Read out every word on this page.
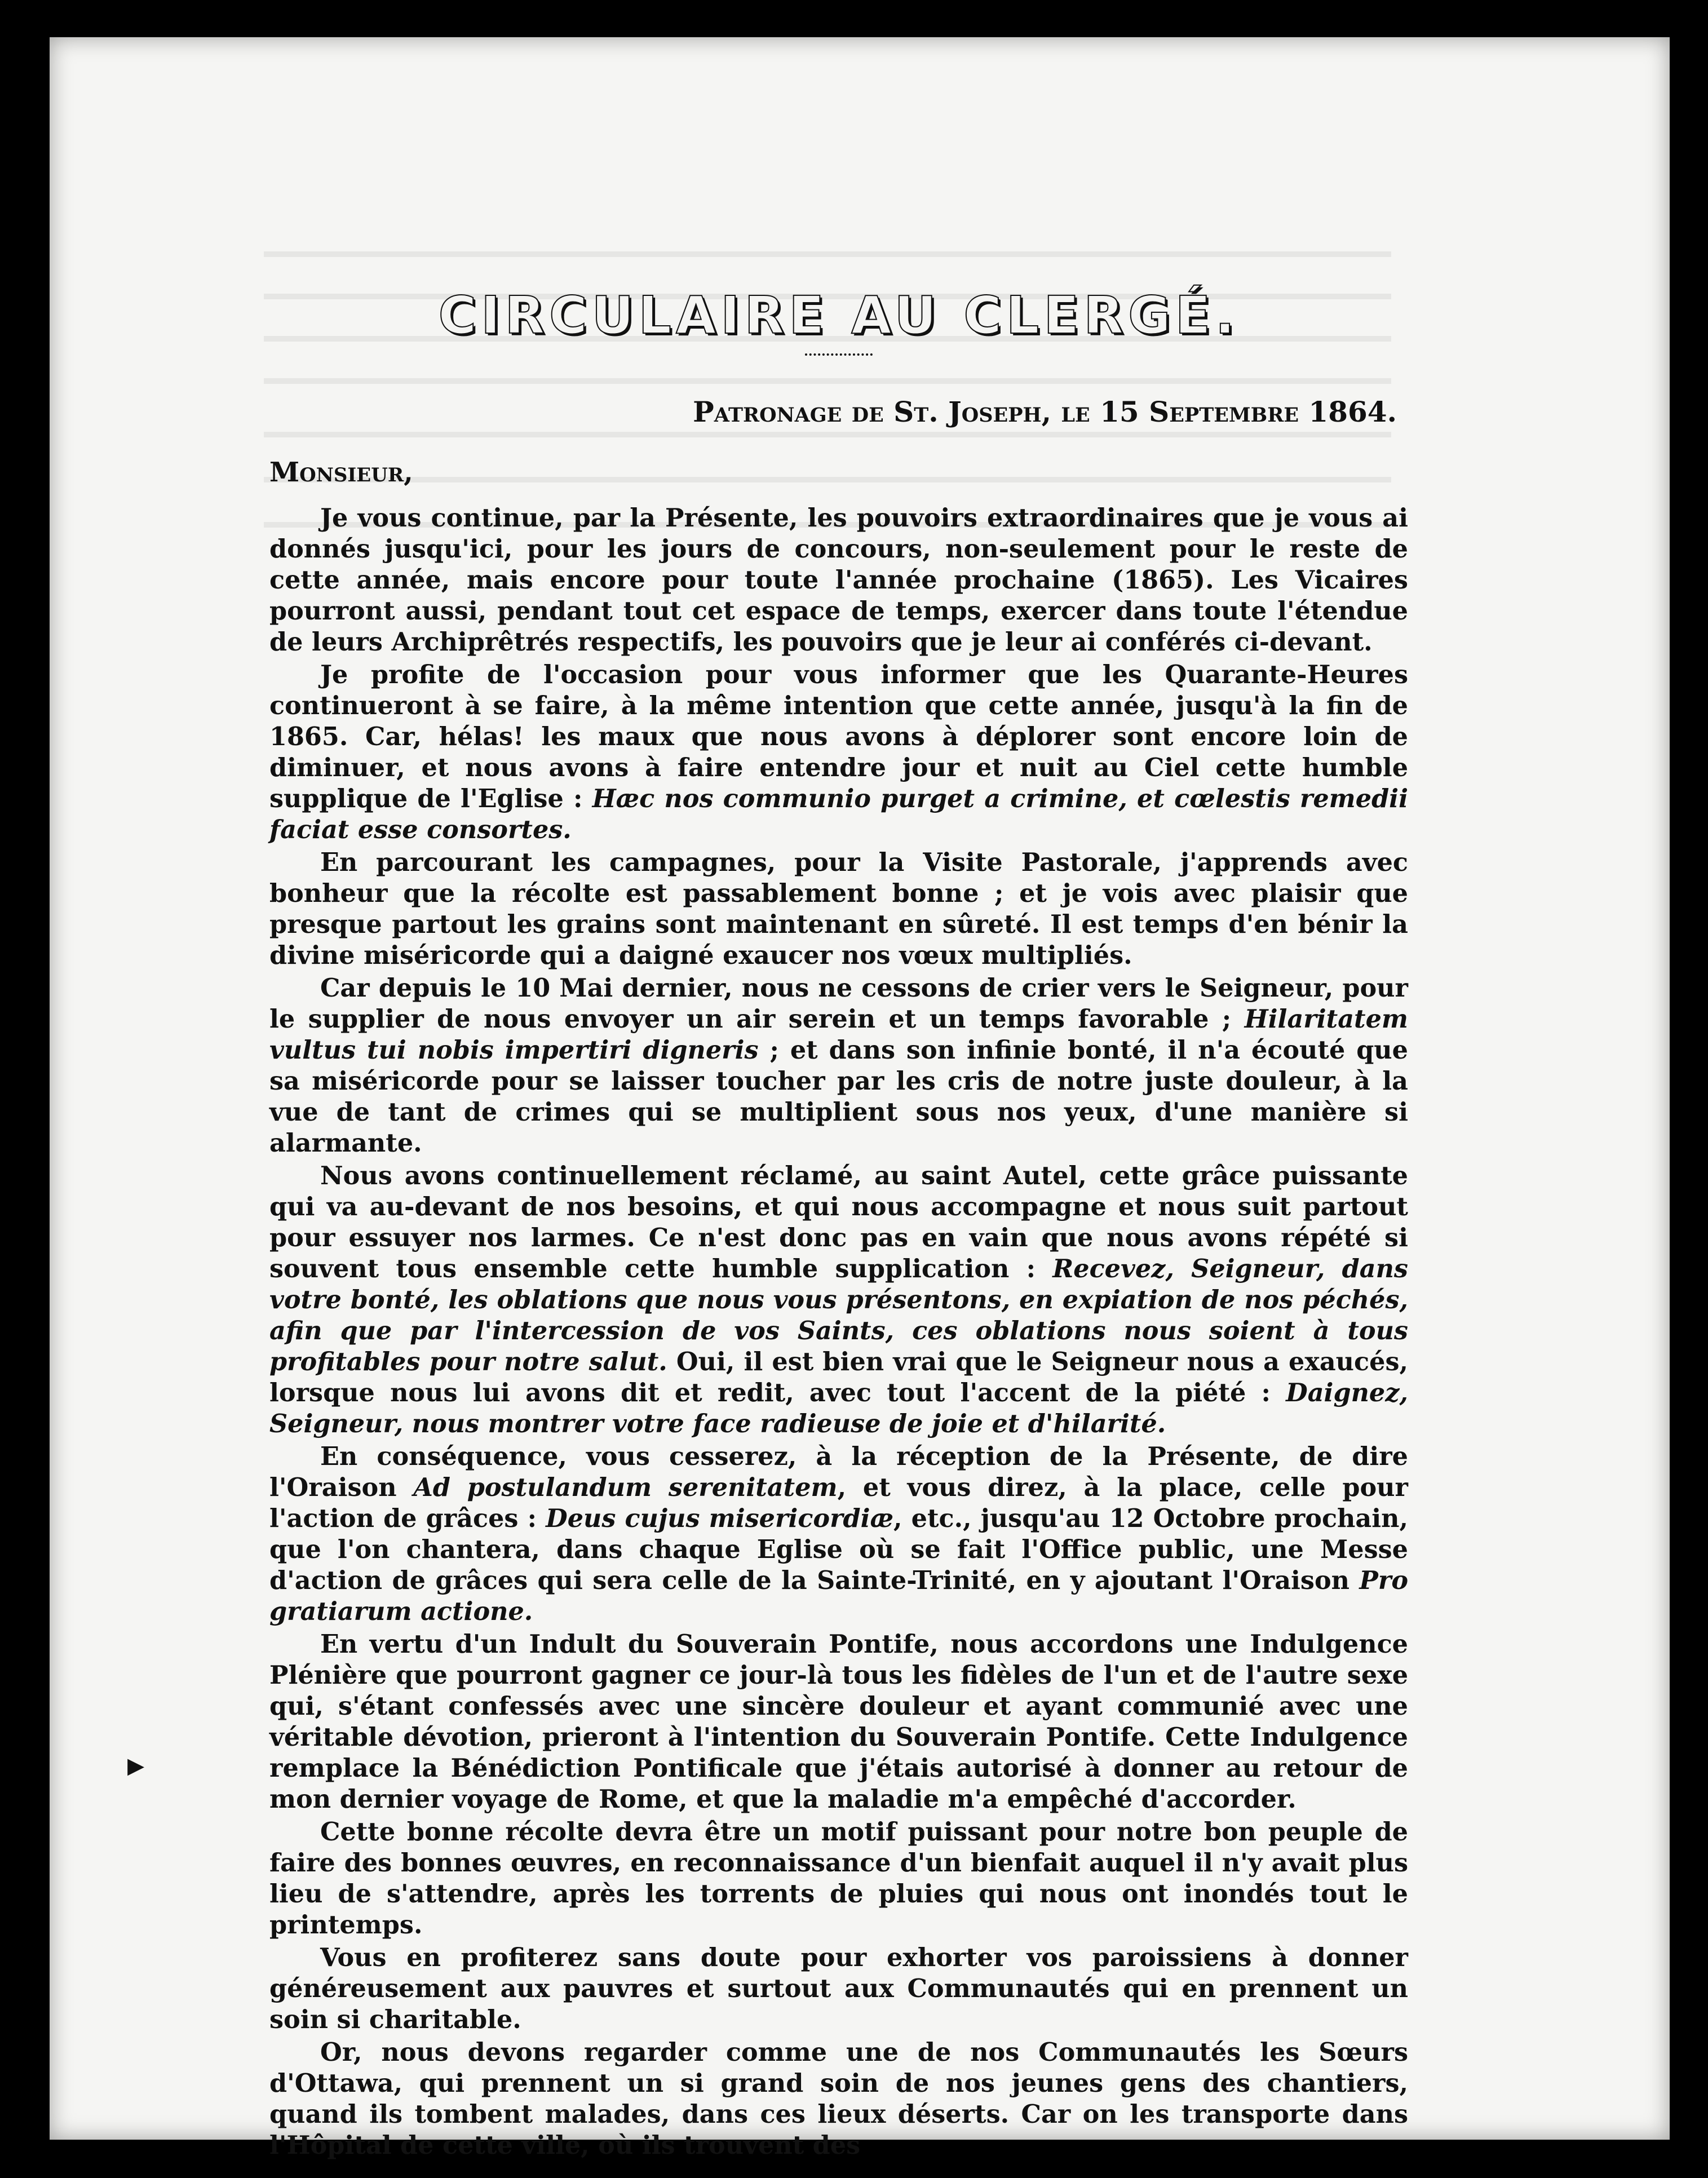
▸
CIRCULAIRE AU CLERGÉ.
Patronage de St. Joseph, le 15 Septembre 1864.
Monsieur,

Je vous continue, par la Présente, les pouvoirs extraordinaires que je vous ai donnés jusqu'ici, pour les jours de concours, non-seulement pour le reste de cette année, mais encore pour toute l'année prochaine (1865). Les Vicaires pourront aussi, pendant tout cet espace de temps, exercer dans toute l'étendue de leurs Archiprêtrés respectifs, les pouvoirs que je leur ai conférés ci-devant.

Je profite de l'occasion pour vous informer que les Quarante-Heures continueront à se faire, à la même intention que cette année, jusqu'à la fin de 1865. Car, hélas! les maux que nous avons à déplorer sont encore loin de diminuer, et nous avons à faire entendre jour et nuit au Ciel cette humble supplique de l'Eglise : Hæc nos communio purget a crimine, et cœlestis remedii faciat esse consortes.

En parcourant les campagnes, pour la Visite Pastorale, j'apprends avec bonheur que la récolte est passablement bonne ; et je vois avec plaisir que presque partout les grains sont maintenant en sûreté. Il est temps d'en bénir la divine miséricorde qui a daigné exaucer nos vœux multipliés.

Car depuis le 10 Mai dernier, nous ne cessons de crier vers le Seigneur, pour le supplier de nous envoyer un air serein et un temps favorable ; Hilaritatem vultus tui nobis impertiri digneris ; et dans son infinie bonté, il n'a écouté que sa miséricorde pour se laisser toucher par les cris de notre juste douleur, à la vue de tant de crimes qui se multiplient sous nos yeux, d'une manière si alarmante.

Nous avons continuellement réclamé, au saint Autel, cette grâce puissante qui va au-devant de nos besoins, et qui nous accompagne et nous suit partout pour essuyer nos larmes. Ce n'est donc pas en vain que nous avons répété si souvent tous ensemble cette humble supplication : Recevez, Seigneur, dans votre bonté, les oblations que nous vous présentons, en expiation de nos péchés, afin que par l'intercession de vos Saints, ces oblations nous soient à tous profitables pour notre salut. Oui, il est bien vrai que le Seigneur nous a exaucés, lorsque nous lui avons dit et redit, avec tout l'accent de la piété : Daignez, Seigneur, nous montrer votre face radieuse de joie et d'hilarité.

En conséquence, vous cesserez, à la réception de la Présente, de dire l'Oraison Ad postulandum serenitatem, et vous direz, à la place, celle pour l'action de grâces : Deus cujus misericordiæ, etc., jusqu'au 12 Octobre prochain, que l'on chantera, dans chaque Eglise où se fait l'Office public, une Messe d'action de grâces qui sera celle de la Sainte-Trinité, en y ajoutant l'Oraison Pro gratiarum actione.

En vertu d'un Indult du Souverain Pontife, nous accordons une Indulgence Plénière que pourront gagner ce jour-là tous les fidèles de l'un et de l'autre sexe qui, s'étant confessés avec une sincère douleur et ayant communié avec une véritable dévotion, prieront à l'intention du Souverain Pontife. Cette Indulgence remplace la Bénédiction Pontificale que j'étais autorisé à donner au retour de mon dernier voyage de Rome, et que la maladie m'a empêché d'accorder.

Cette bonne récolte devra être un motif puissant pour notre bon peuple de faire des bonnes œuvres, en reconnaissance d'un bienfait auquel il n'y avait plus lieu de s'attendre, après les torrents de pluies qui nous ont inondés tout le printemps.

Vous en profiterez sans doute pour exhorter vos paroissiens à donner généreusement aux pauvres et surtout aux Communautés qui en prennent un soin si charitable.

Or, nous devons regarder comme une de nos Communautés les Sœurs d'Ottawa, qui prennent un si grand soin de nos jeunes gens des chantiers, quand ils tombent malades, dans ces lieux déserts. Car on les transporte dans l'Hôpital de cette ville, où ils trouvent des
